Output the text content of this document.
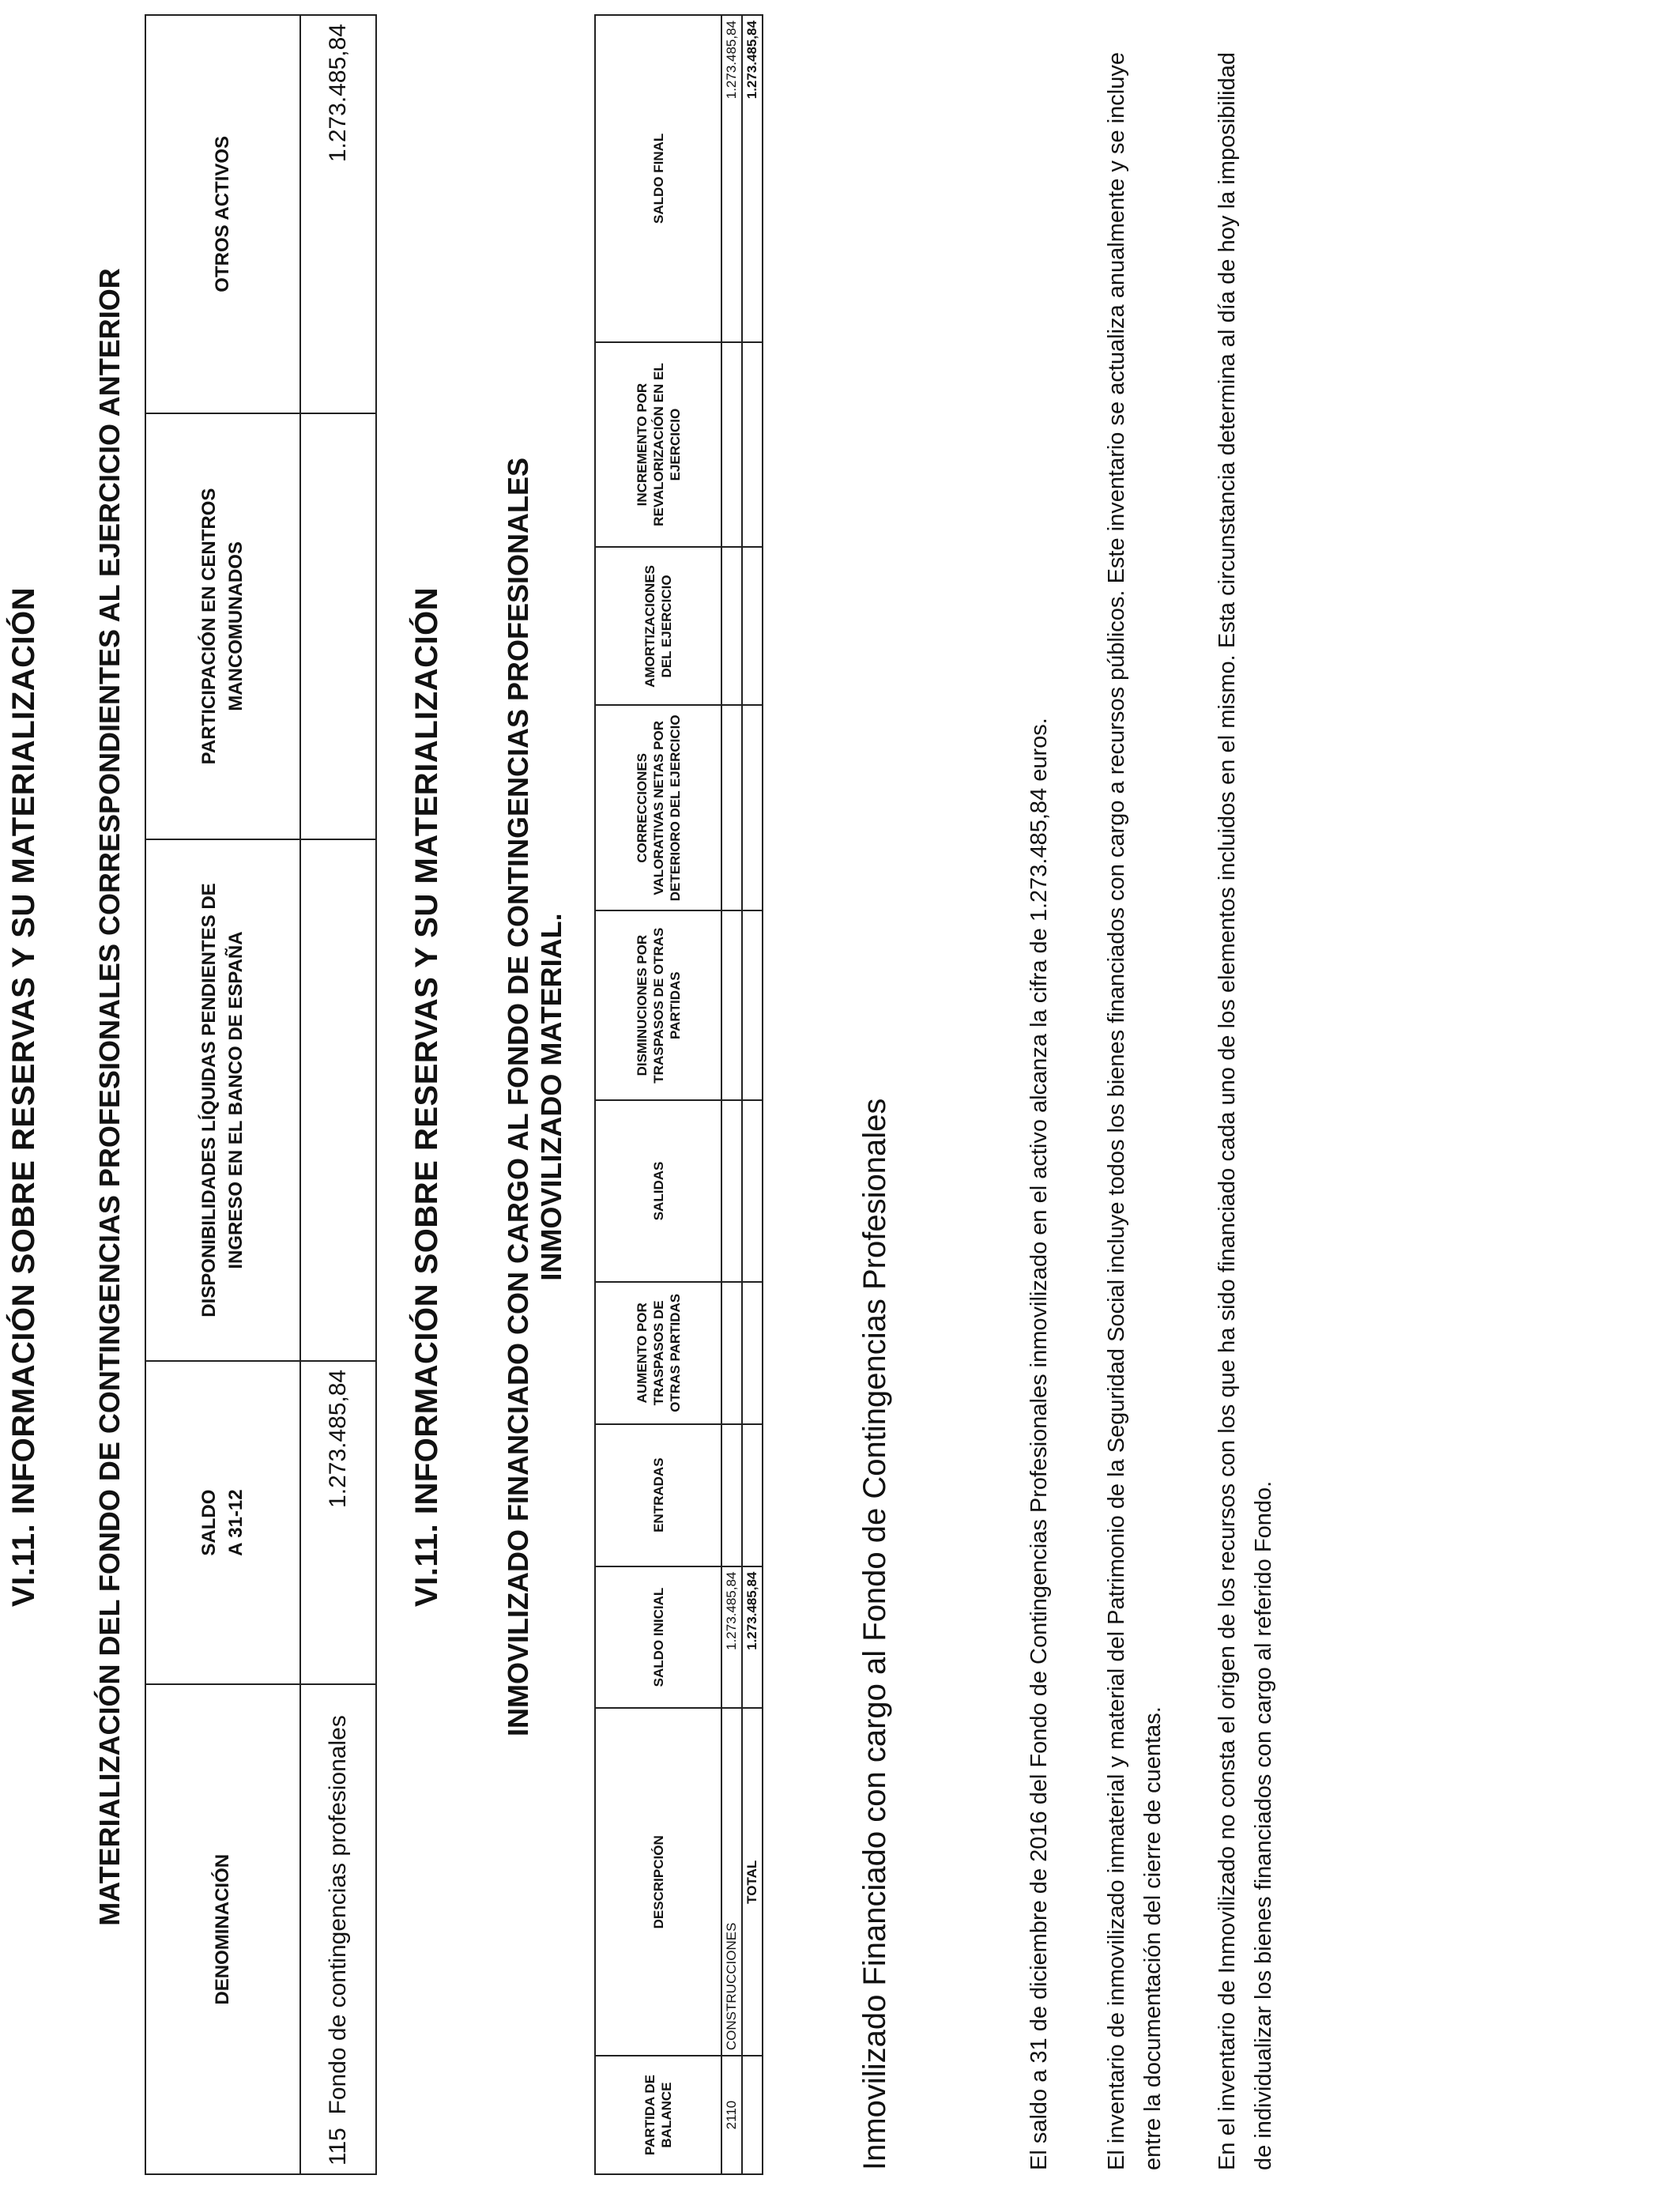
VI.11. INFORMACIÓN SOBRE RESERVAS Y SU MATERIALIZACIÓN MATERIALIZACIÓN DEL FONDO DE CONTINGENCIAS PROFESIONALES CORRESPONDIENTES AL EJERCICIO ANTERIOR
DENOMINACIÓN	SALDO A 31-12	DISPONIBILIDADES LÍQUIDAS PENDIENTES DE INGRESO EN EL BANCO DE ESPAÑA	PARTICIPACIÓN EN CENTROS MANCOMUNADOS	OTROS ACTIVOS
115  Fondo de contingencias profesionales	1.273.485,84			1.273.485,84
VI.11. INFORMACIÓN SOBRE RESERVAS Y SU MATERIALIZACIÓN INMOVILIZADO FINANCIADO CON CARGO AL FONDO DE CONTINGENCIAS PROFESIONALES INMOVILIZADO MATERIAL.
PARTIDA DE BALANCE	DESCRIPCIÓN	SALDO INICIAL	ENTRADAS	AUMENTO POR TRASPASOS DE OTRAS PARTIDAS	SALIDAS	DISMINUCIONES POR TRASPASOS DE OTRAS PARTIDAS	CORRECCIONES VALORATIVAS NETAS POR DETERIORO DEL EJERCICIO	AMORTIZACIONES DEL EJERCICIO	INCREMENTO POR REVALORIZACIÓN EN EL EJERCICIO	SALDO FINAL
2110	CONSTRUCCIONES	1.273.485,84								1.273.485,84
	TOTAL	1.273.485,84								1.273.485,84
Inmovilizado Financiado con cargo al Fondo de Contingencias Profesionales	El saldo a 31 de diciembre de 2016 del Fondo de Contingencias Profesionales inmovilizado en el activo alcanza la cifra de 1.273.485,84 euros. El inventario de inmovilizado inmaterial y material del Patrimonio de la Seguridad Social incluye todos los bienes financiados con cargo a recursos públicos. Este inventario se actualiza anualmente y se incluye entre la documentación del cierre de cuentas. En el inventario de Inmovilizado no consta el origen de los recursos con los que ha sido financiado cada uno de los elementos incluidos en el mismo. Esta circunstancia determina al día de hoy la imposibilidad de individualizar los bienes financiados con cargo al referido Fondo.
